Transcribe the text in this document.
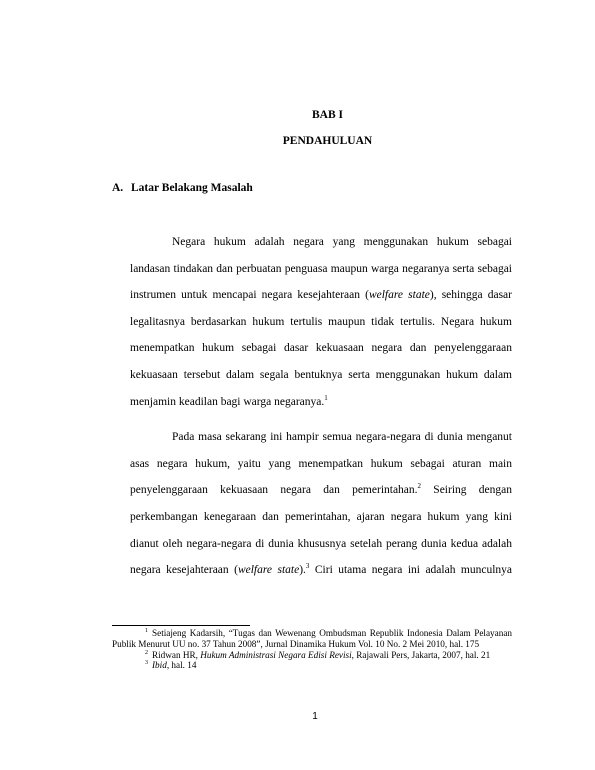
BAB I
PENDAHULUAN
A. Latar Belakang Masalah

Negara hukum adalah negara yang menggunakan hukum sebagai landasan tindakan dan perbuatan penguasa maupun warga negaranya serta sebagai instrumen untuk mencapai negara kesejahteraan (welfare state), sehingga dasar legalitasnya berdasarkan hukum tertulis maupun tidak tertulis. Negara hukum menempatkan hukum sebagai dasar kekuasaan negara dan penyelenggaraan kekuasaan tersebut dalam segala bentuknya serta menggunakan hukum dalam menjamin keadilan bagi warga negaranya.$^1$

Pada masa sekarang ini hampir semua negara-negara di dunia menganut asas negara hukum, yaitu yang menempatkan hukum sebagai aturan main penyelenggaraan kekuasaan negara dan pemerintahan.$^2$ Seiring dengan perkembangan kenegaraan dan pemerintahan, ajaran negara hukum yang kini dianut oleh negara-negara di dunia khususnya setelah perang dunia kedua adalah negara kesejahteraan (welfare state).$^3$ Ciri utama negara ini adalah munculnya

$^1$ Setiajeng Kadarsih, “Tugas dan Wewenang Ombudsman Republik Indonesia Dalam Pelayanan Publik Menurut UU no. 37 Tahun 2008”, Jurnal Dinamika Hukum Vol. 10 No. 2 Mei 2010, hal. 175

$^2$ Ridwan HR, Hukum Administrasi Negara Edisi Revisi, Rajawali Pers, Jakarta, 2007, hal. 21

$^3$ Ibid, hal. 14

1
